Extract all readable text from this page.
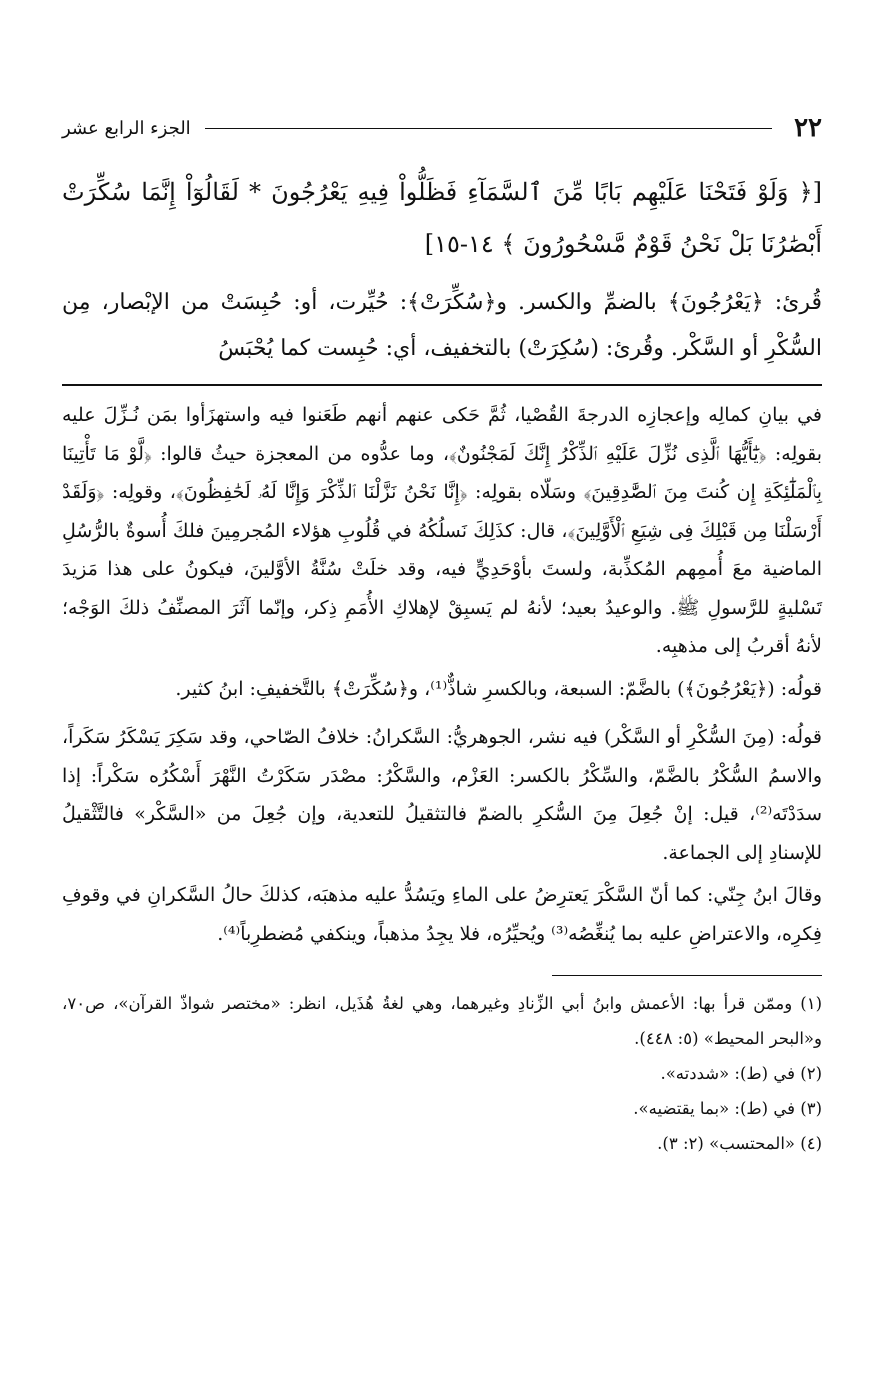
٢٢
الجزء الرابع عشر
[﴿ وَلَوْ فَتَحْنَا عَلَيْهِم بَابًا مِّنَ ٱلسَّمَآءِ فَظَلُّواْ فِيهِ يَعْرُجُونَ * لَقَالُوٓاْ إِنَّمَا سُكِّرَتْ أَبْصَٰرُنَا بَلْ نَحْنُ قَوْمٌ مَّسْحُورُونَ ﴾ ١٤-١٥]
قُرئ: ﴿يَعْرُجُونَ﴾ بالضمِّ والكسر. و﴿سُكِّرَتْ﴾: حُيِّرت، أو: حُبِسَتْ من الإبْصار، مِن السُّكْرِ أو السَّكْر. وقُرئ: (سُكِرَتْ) بالتخفيف، أي: حُبِست كما يُحْبَسُ

في بيانِ كمالِه وإعجازِه الدرجةَ القُصْيا، ثُمَّ حَكى عنهم أنهم طَعَنوا فيه واستهزَأوا بمَن نُـزِّلَ عليه بقولِه: ﴿يَٰٓأَيُّهَا ٱلَّذِى نُزِّلَ عَلَيْهِ ٱلذِّكْرُ إِنَّكَ لَمَجْنُونٌ﴾، وما عدُّوه من المعجزة حيثُ قالوا: ﴿لَّوْ مَا تَأْتِينَا بِٱلْمَلَٰٓئِكَةِ إِن كُنتَ مِنَ ٱلصَّٰدِقِينَ﴾ وسَلّاه بقولِه: ﴿إِنَّا نَحْنُ نَزَّلْنَا ٱلذِّكْرَ وَإِنَّا لَهُۥ لَحَٰفِظُونَ﴾، وقولِه: ﴿وَلَقَدْ أَرْسَلْنَا مِن قَبْلِكَ فِى شِيَعِ ٱلْأَوَّلِينَ﴾، قال: كذَلِكَ نَسلُكُهُ في قُلُوبِ هؤلاء المُجرمِينَ فلكَ أُسوةٌ بالرُّسُلِ الماضية معَ أُممِهم المُكذِّبة، ولستَ بأوْحَدِيٍّ فيه، وقد خلَتْ سُنَّةُ الأوَّلينَ، فيكونُ على هذا مَزيدَ تَسْليةٍ للرَّسولِ ﷺ. والوعيدُ بعيد؛ لأنهُ لم يَسبِقْ لإهلاكِ الأُمَمِ ذِكر، وإنّما آثَرَ المصنِّفُ ذلكَ الوَجْه؛ لأنهُ أقربُ إلى مذهبِه.

قولُه: (﴿يَعْرُجُونَ﴾) بالضَّمّ: السبعة، وبالكسرِ شاذٌّ⁽¹⁾، و﴿سُكِّرَتْ﴾ بالتَّخفيفِ: ابنُ كثير.

قولُه: (مِنَ السُّكْرِ أو السَّكْر) فيه نشر، الجوهريُّ: السَّكرانُ: خلافُ الصّاحي، وقد سَكِرَ يَسْكَرُ سَكَراً، والاسمُ السُّكْرُ بالضَّمّ، والسِّكْرُ بالكسر: العَزْم، والسَّكْرُ: مصْدَر سَكَرْتُ النَّهْرَ أَسْكُرُه سَكْراً: إذا سدَدْتَه⁽²⁾، قيل: إنْ جُعِلَ مِنَ السُّكرِ بالضمّ فالتثقيلُ للتعدية، وإن جُعِلَ من «السَّكْر» فالتَّثْقيلُ للإسنادِ إلى الجماعة.

وقالَ ابنُ جِنّي: كما أنّ السَّكْرَ يَعترِضُ على الماءِ ويَسُدُّ عليه مذهبَه، كذلكَ حالُ السَّكرانِ في وقوفِ فِكرِه، والاعتراضِ عليه بما يُنغِّصُه⁽³⁾ ويُحيِّرُه، فلا يجِدُ مذهباً، وينكفي مُضطرِباً⁽⁴⁾.

(١) وممّن قرأ بها: الأعمش وابنُ أبي الزِّنادِ وغيرهما، وهي لغةُ هُذَيل، انظر: «مختصر شواذّ القرآن»، ص٧٠، و«البحر المحيط» (٥: ٤٤٨).

(٢) في (ط): «شددته».

(٣) في (ط): «بما يقتضيه».

(٤) «المحتسب» (٢: ٣).
